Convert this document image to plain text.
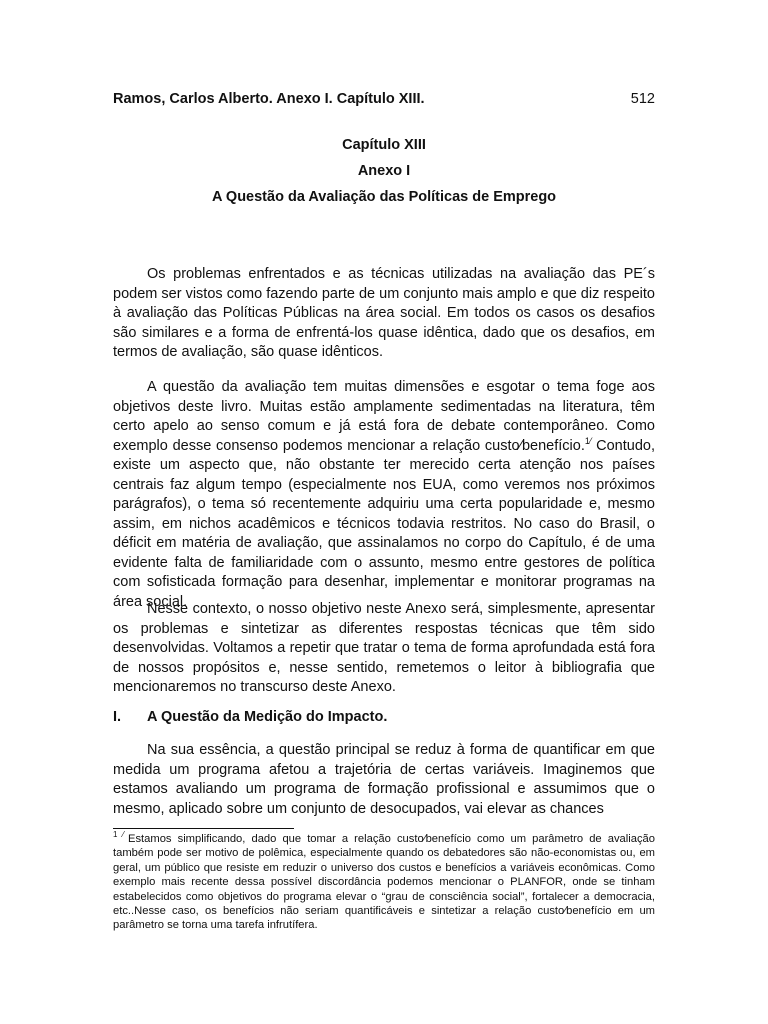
Ramos, Carlos Alberto. Anexo I. Capítulo XIII.	512
Capítulo XIII
Anexo I
A Questão da Avaliação das Políticas de Emprego

Os problemas enfrentados e as técnicas utilizadas na avaliação das PE´s podem ser vistos como fazendo parte de um conjunto mais amplo e que diz respeito à avaliação das Políticas Públicas na área social. Em todos os casos os desafios são similares e a forma de enfrentá-los quase idêntica, dado que os desafios, em termos de avaliação, são quase idênticos.

A questão da avaliação tem muitas dimensões e esgotar o tema foge aos objetivos deste livro. Muitas estão amplamente sedimentadas na literatura, têm certo apelo ao senso comum e já está fora de debate contemporâneo. Como exemplo desse consenso podemos mencionar a relação custo⁄benefício.$^{1⁄}$ Contudo, existe um aspecto que, não obstante ter merecido certa atenção nos países centrais faz algum tempo (especialmente nos EUA, como veremos nos próximos parágrafos), o tema só recentemente adquiriu uma certa popularidade e, mesmo assim, em nichos acadêmicos e técnicos todavia restritos. No caso do Brasil, o déficit em matéria de avaliação, que assinalamos no corpo do Capítulo, é de uma evidente falta de familiaridade com o assunto, mesmo entre gestores de política com sofisticada formação para desenhar, implementar e monitorar programas na área social.

Nesse contexto, o nosso objetivo neste Anexo será, simplesmente, apresentar os problemas e sintetizar as diferentes respostas técnicas que têm sido desenvolvidas. Voltamos a repetir que tratar o tema de forma aprofundada está fora de nossos propósitos e, nesse sentido, remetemos o leitor à bibliografia que mencionaremos no transcurso deste Anexo.

I. A Questão da Medição do Impacto.

Na sua essência, a questão principal se reduz à forma de quantificar em que medida um programa afetou a trajetória de certas variáveis. Imaginemos que estamos avaliando um programa de formação profissional e assumimos que o mesmo, aplicado sobre um conjunto de desocupados, vai elevar as chances

$^{1 ⁄}$ Estamos simplificando, dado que tomar a relação custo⁄benefício como um parâmetro de avaliação também pode ser motivo de polêmica, especialmente quando os debatedores são não-economistas ou, em geral, um público que resiste em reduzir o universo dos custos e benefícios a variáveis econômicas. Como exemplo mais recente dessa possível discordância podemos mencionar o PLANFOR, onde se tinham estabelecidos como objetivos do programa elevar o “grau de consciência social”, fortalecer a democracia, etc..Nesse caso, os benefícios não seriam quantificáveis e sintetizar a relação custo⁄benefício em um parâmetro se torna uma tarefa infrutífera.
